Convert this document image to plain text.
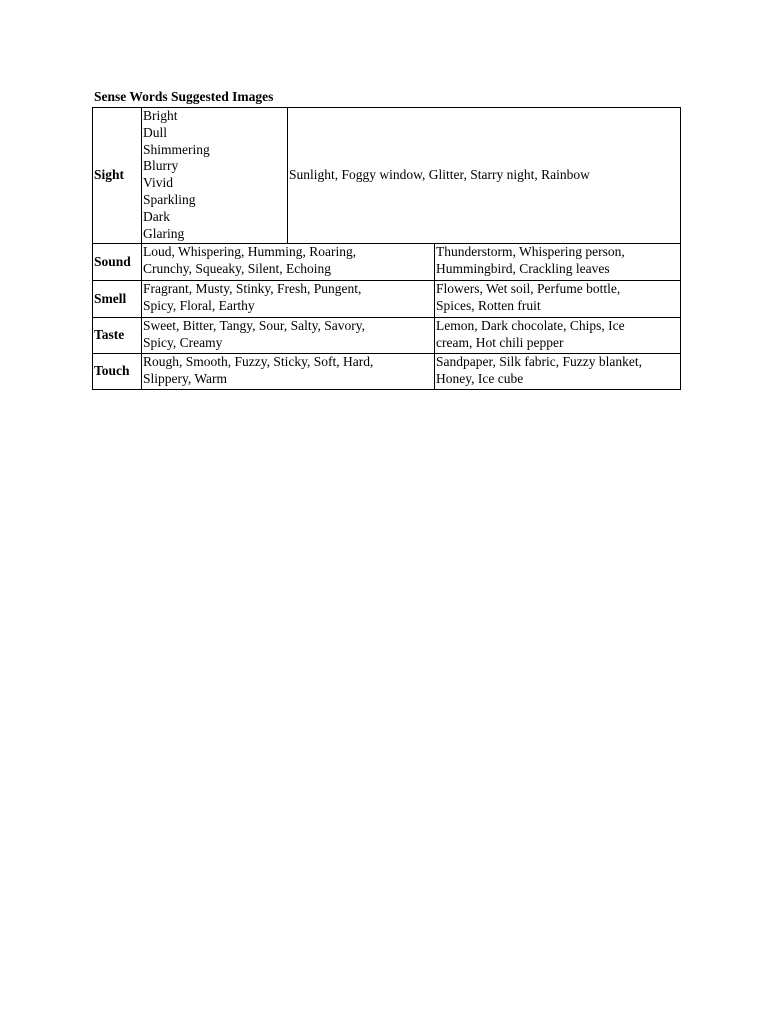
Sense Words Suggested Images
Sight
Bright
Dull
Shimmering
Blurry
Vivid
Sparkling
Dark
Glaring
Sunlight, Foggy window, Glitter, Starry night, Rainbow
Sound
Loud, Whispering, Humming, Roaring,
Crunchy, Squeaky, Silent, Echoing
Thunderstorm, Whispering person,
Hummingbird, Crackling leaves
Smell
Fragrant, Musty, Stinky, Fresh, Pungent,
Spicy, Floral, Earthy
Flowers, Wet soil, Perfume bottle,
Spices, Rotten fruit
Taste
Sweet, Bitter, Tangy, Sour, Salty, Savory,
Spicy, Creamy
Lemon, Dark chocolate, Chips, Ice
cream, Hot chili pepper
Touch
Rough, Smooth, Fuzzy, Sticky, Soft, Hard,
Slippery, Warm
Sandpaper, Silk fabric, Fuzzy blanket,
Honey, Ice cube
